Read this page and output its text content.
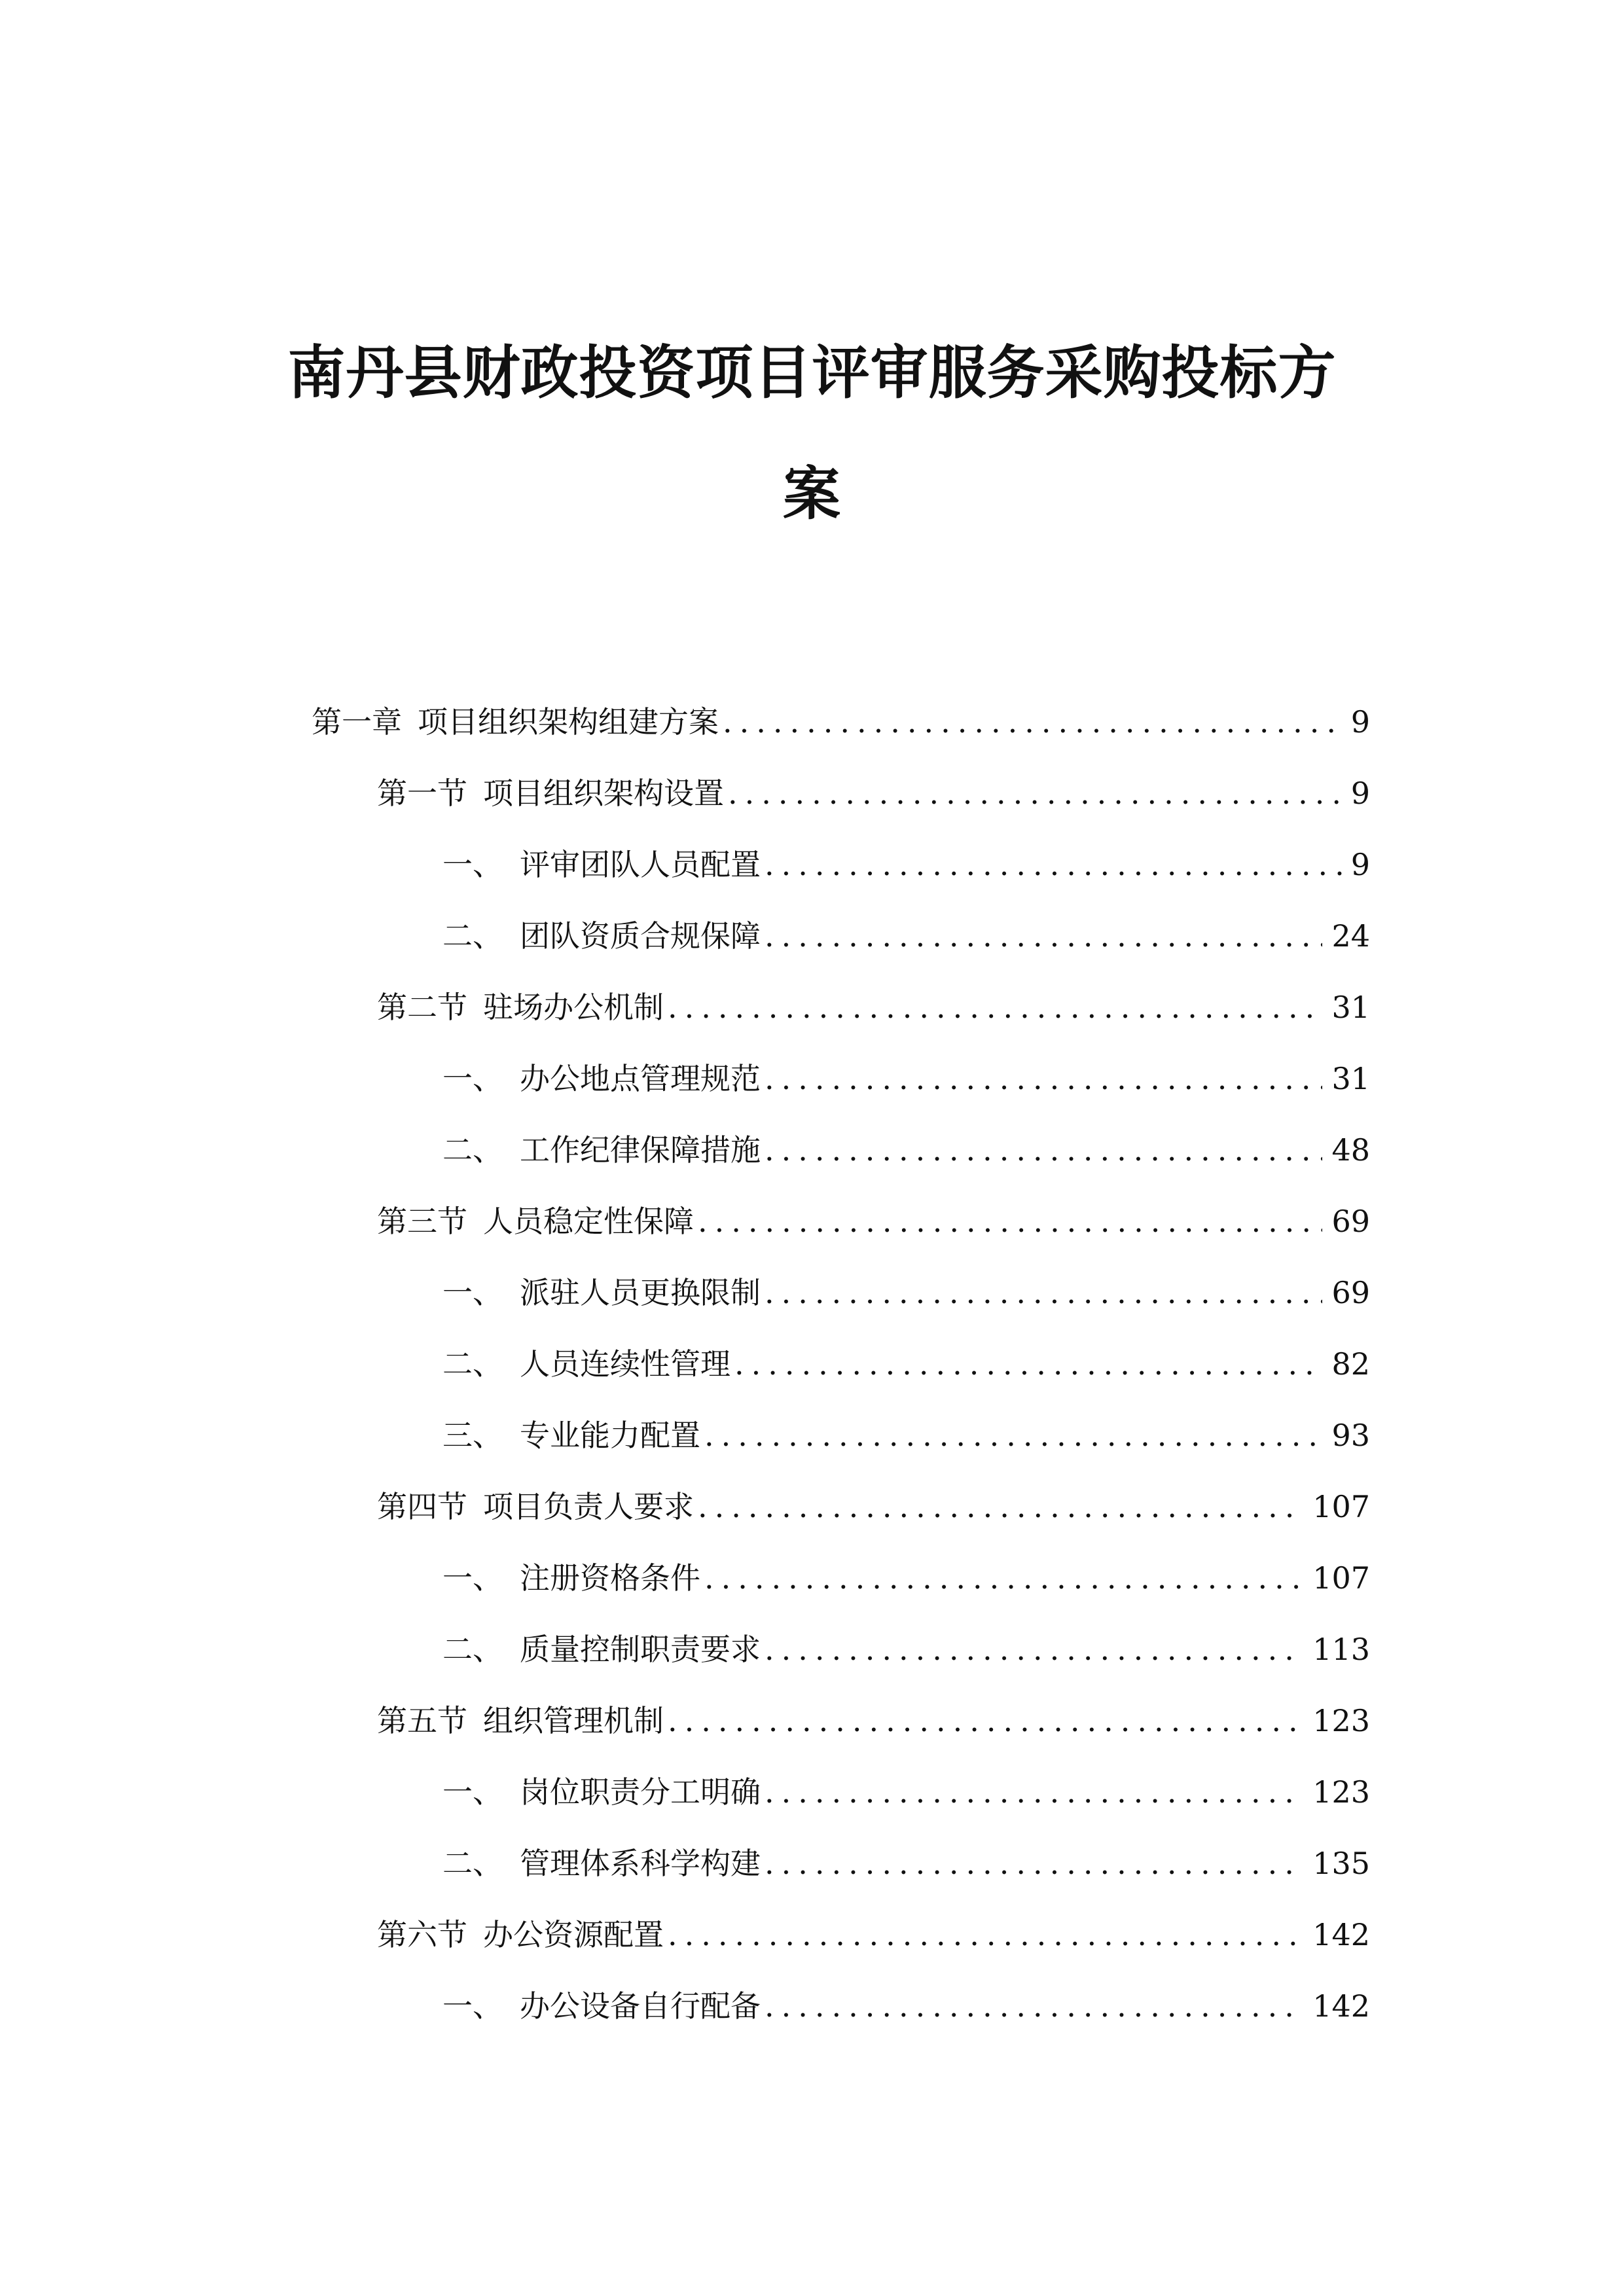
南丹县财政投资项目评审服务采购投标方
案
第一章 项目组织架构组建方案 .....	9
第一节 项目组织架构设置 .....	9
一、 评审团队人员配置 .....	9
二、 团队资质合规保障 .....	24
第二节 驻场办公机制 .....	31
一、 办公地点管理规范 .....	31
二、 工作纪律保障措施 .....	48
第三节 人员稳定性保障 .....	69
一、 派驻人员更换限制 .....	69
二、 人员连续性管理 .....	82
三、 专业能力配置 .....	93
第四节 项目负责人要求 .....	107
一、 注册资格条件 .....	107
二、 质量控制职责要求 .....	113
第五节 组织管理机制 .....	123
一、 岗位职责分工明确 .....	123
二、 管理体系科学构建 .....	135
第六节 办公资源配置 .....	142
一、 办公设备自行配备 .....	142
